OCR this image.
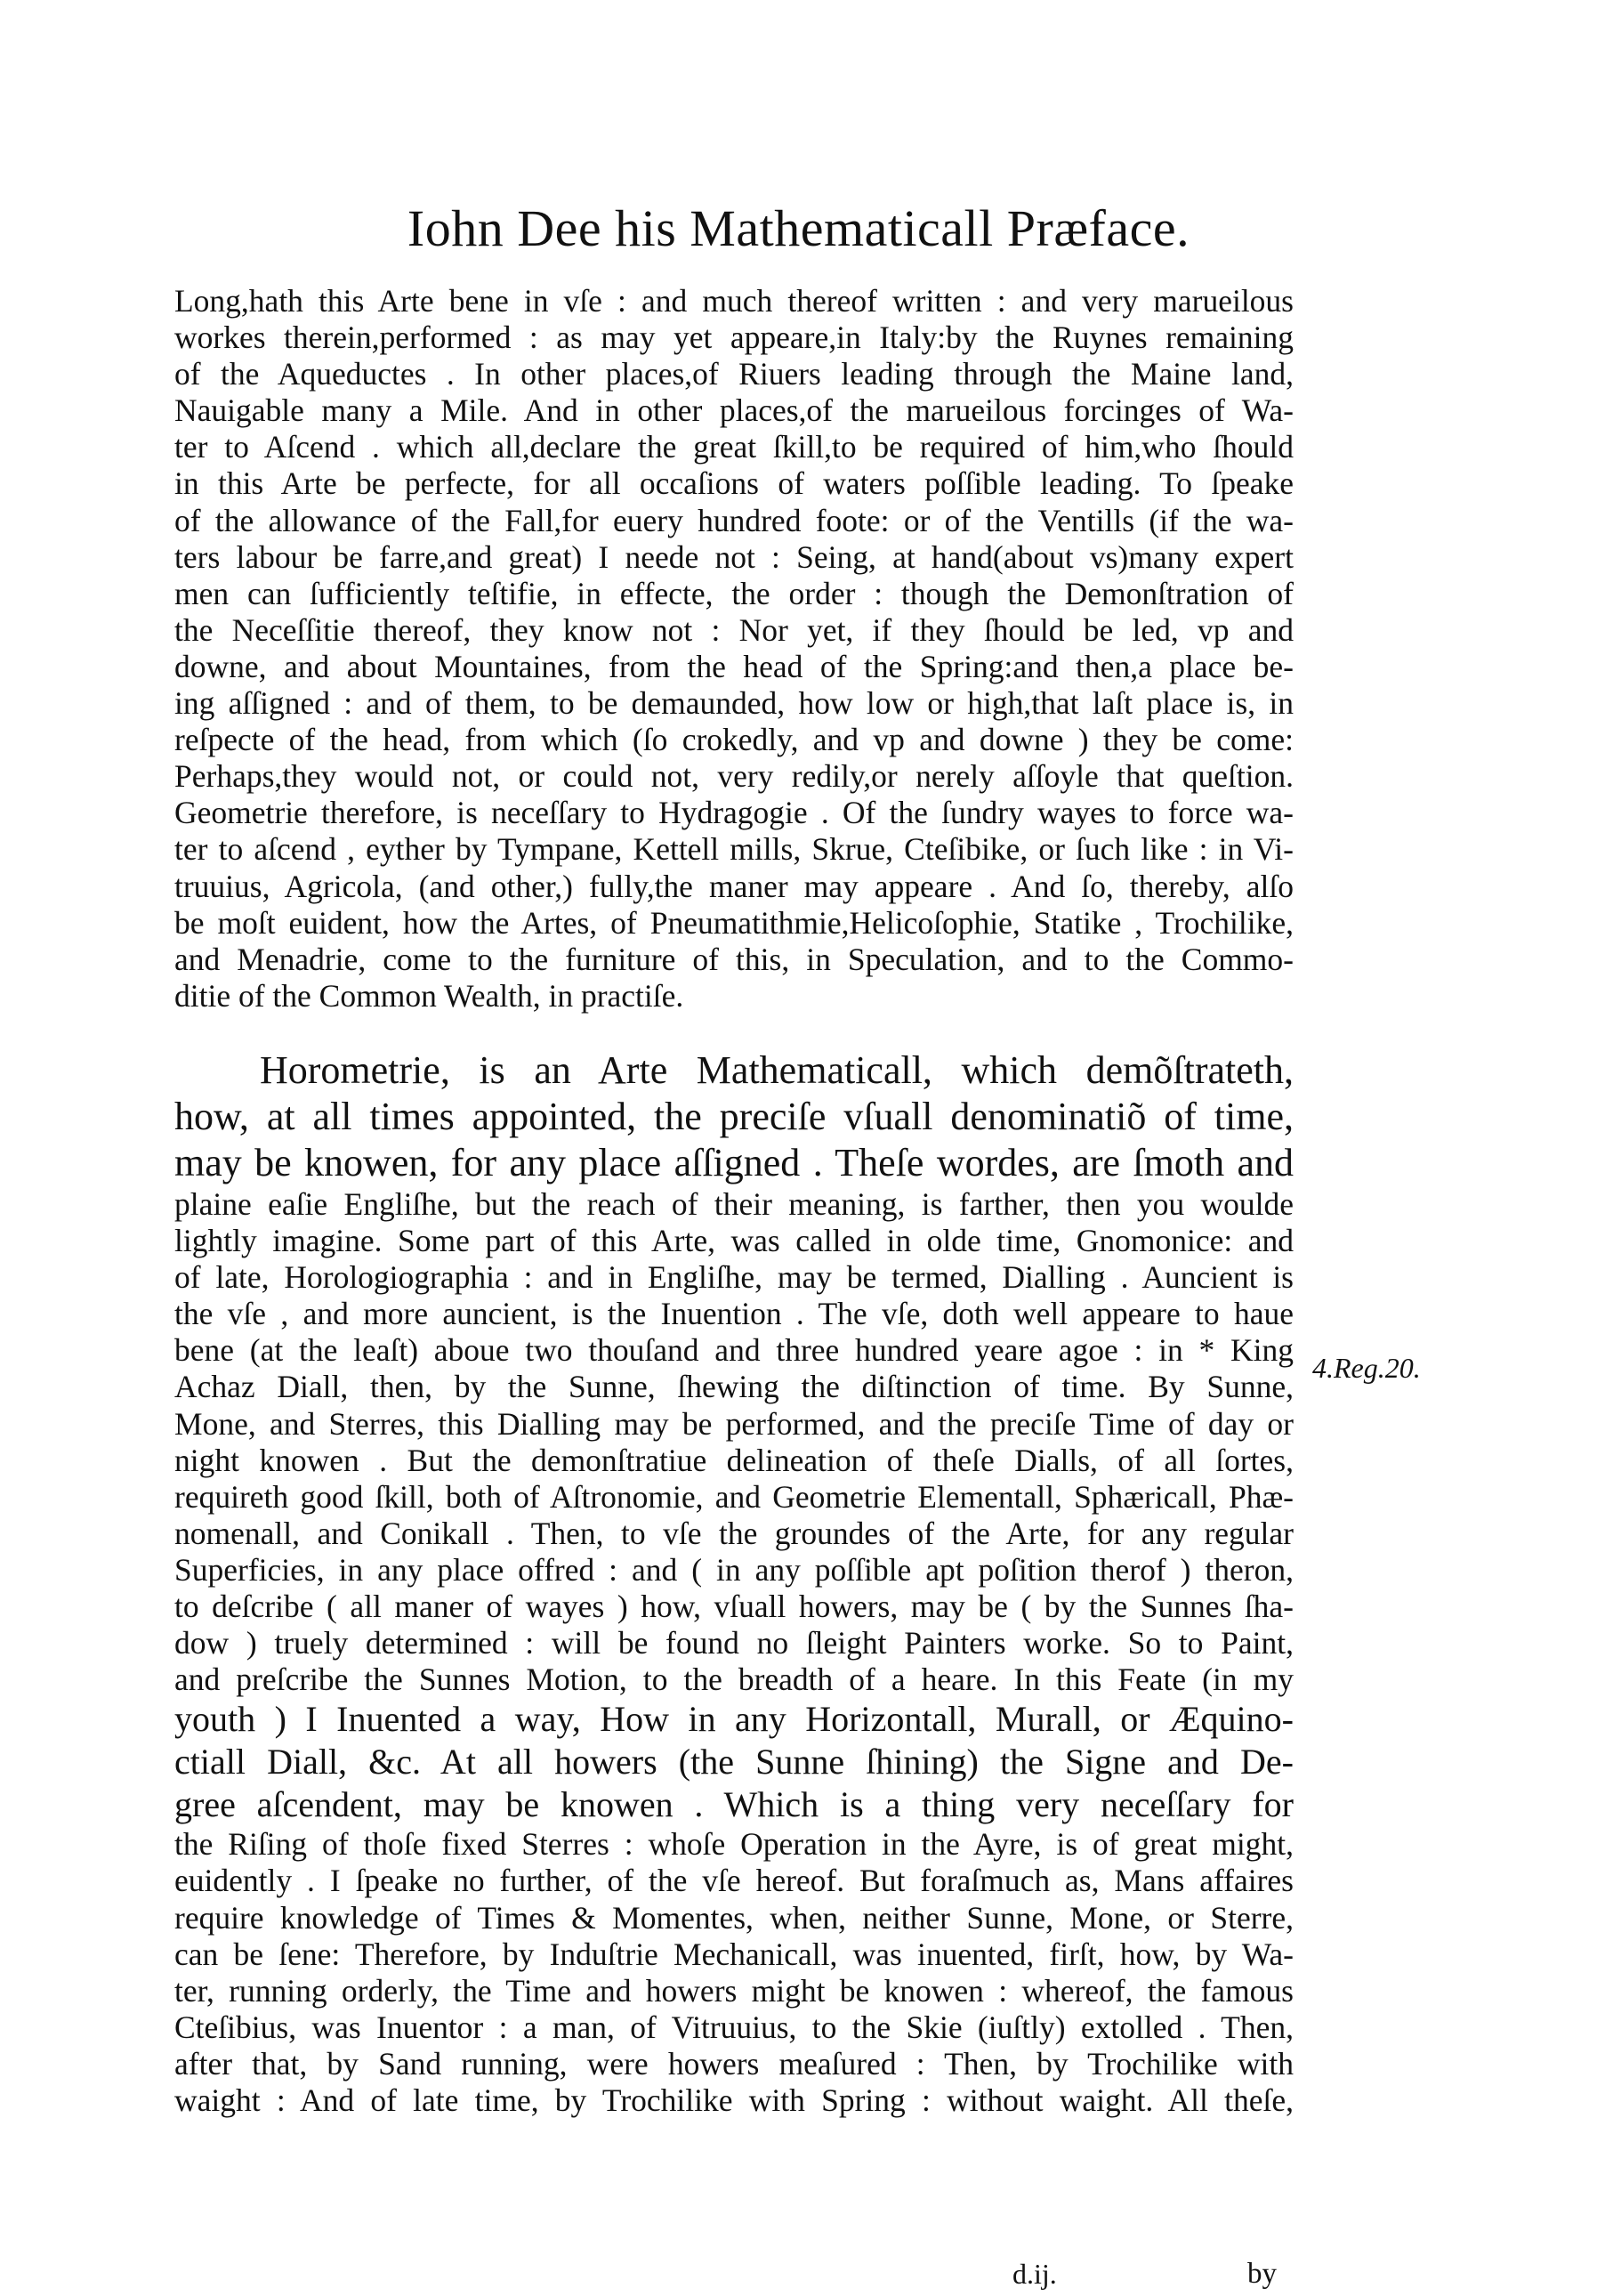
Iohn Dee his Mathematicall Præface.
Long,hath this Arte bene in vſe : and much thereof written : and very marueilous
workes therein,performed : as may yet appeare,in Italy:by the Ruynes remaining
of the Aqueductes . In other places,of Riuers leading through the Maine land,
Nauigable many a Mile. And in other places,of the marueilous forcinges of Wa-
ter to Aſcend . which all,declare the great ſkill,to be required of him,who ſhould
in this Arte be perfecte, for all occaſions of waters poſſible leading. To ſpeake
of the allowance of the Fall,for euery hundred foote: or of the Ventills (if the wa-
ters labour be farre,and great) I neede not : Seing, at hand(about vs)many expert
men can ſufficiently teſtifie, in effecte, the order : though the Demonſtration of
the Neceſſitie thereof, they know not : Nor yet, if they ſhould be led, vp and
downe, and about Mountaines, from the head of the Spring:and then,a place be-
ing aſſigned : and of them, to be demaunded, how low or high,that laſt place is, in
reſpecte of the head, from which (ſo crokedly, and vp and downe ) they be come:
Perhaps,they would not, or could not, very redily,or nerely aſſoyle that queſtion.
Geometrie therefore, is neceſſary to Hydragogie . Of the ſundry wayes to force wa-
ter to aſcend , eyther by Tympane, Kettell mills, Skrue, Cteſibike, or ſuch like : in Vi-
truuius, Agricola, (and other,) fully,the maner may appeare . And ſo, thereby, alſo
be moſt euident, how the Artes, of Pneumatithmie,Helicoſophie, Statike , Trochilike,
and Menadrie, come to the furniture of this, in Speculation, and to the Commo-
ditie of the Common Wealth, in practiſe.
Horometrie, is an Arte Mathematicall, which demõſtrateth,
how, at all times appointed, the preciſe vſuall denominatiõ of time,
may be knowen, for any place aſſigned . Theſe wordes, are ſmoth and
plaine eaſie Engliſhe, but the reach of their meaning, is farther, then you woulde
lightly imagine. Some part of this Arte, was called in olde time, Gnomonice: and
of late, Horologiographia : and in Engliſhe, may be termed, Dialling . Auncient is
the vſe , and more auncient, is the Inuention . The vſe, doth well appeare to haue
bene (at the leaſt) aboue two thouſand and three hundred yeare agoe : in * King
Achaz Diall, then, by the Sunne, ſhewing the diſtinction of time. By Sunne,
Mone, and Sterres, this Dialling may be performed, and the preciſe Time of day or
night knowen . But the demonſtratiue delineation of theſe Dialls, of all ſortes,
requireth good ſkill, both of Aſtronomie, and Geometrie Elementall, Sphæricall, Phæ-
nomenall, and Conikall . Then, to vſe the groundes of the Arte, for any regular
Superficies, in any place offred : and ( in any poſſible apt poſition therof ) theron,
to deſcribe ( all maner of wayes ) how, vſuall howers, may be ( by the Sunnes ſha-
dow ) truely determined : will be found no ſleight Painters worke. So to Paint,
and preſcribe the Sunnes Motion, to the breadth of a heare. In this Feate (in my
youth ) I Inuented a way, How in any Horizontall, Murall, or Æquino-
ctiall Diall, &c. At all howers (the Sunne ſhining) the Signe and De-
gree aſcendent, may be knowen . Which is a thing very neceſſary for
the Riſing of thoſe fixed Sterres : whoſe Operation in the Ayre, is of great might,
euidently . I ſpeake no further, of the vſe hereof. But foraſmuch as, Mans affaires
require knowledge of Times & Momentes, when, neither Sunne, Mone, or Sterre,
can be ſene: Therefore, by Induſtrie Mechanicall, was inuented, firſt, how, by Wa-
ter, running orderly, the Time and howers might be knowen : whereof, the famous
Cteſibius, was Inuentor : a man, of Vitruuius, to the Skie (iuſtly) extolled . Then,
after that, by Sand running, were howers meaſured : Then, by Trochilike with
waight : And of late time, by Trochilike with Spring : without waight. All theſe,
4.Reg.20.
d.ij.	by
